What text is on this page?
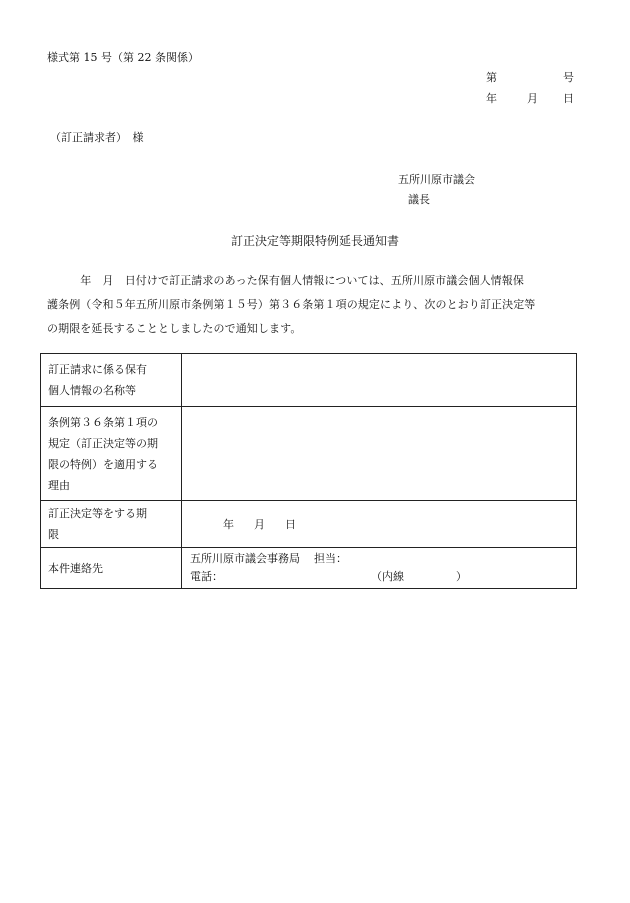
様式第 15 号（第 22 条関係）
第	号
年	月 日
（訂正請求者）　様
五所川原市議会
議長
訂正決定等期限特例延長通知書
　　　年　月　日付けで訂正請求のあった保有個人情報については、五所川原市議会個人情報保
護条例（令和５年五所川原市条例第１５号）第３６条第１項の規定により、次のとおり訂正決定等
の期限を延長することとしましたので通知します。
訂正請求に係る保有
個人情報の名称等	

条例第３６条第１項の
規定（訂正決定等の期
限の特例）を適用する
理由	

訂正決定等をする期
限	年 月 日

本件連絡先	五所川原市議会事務局 担当：
電話： （内線 ）
